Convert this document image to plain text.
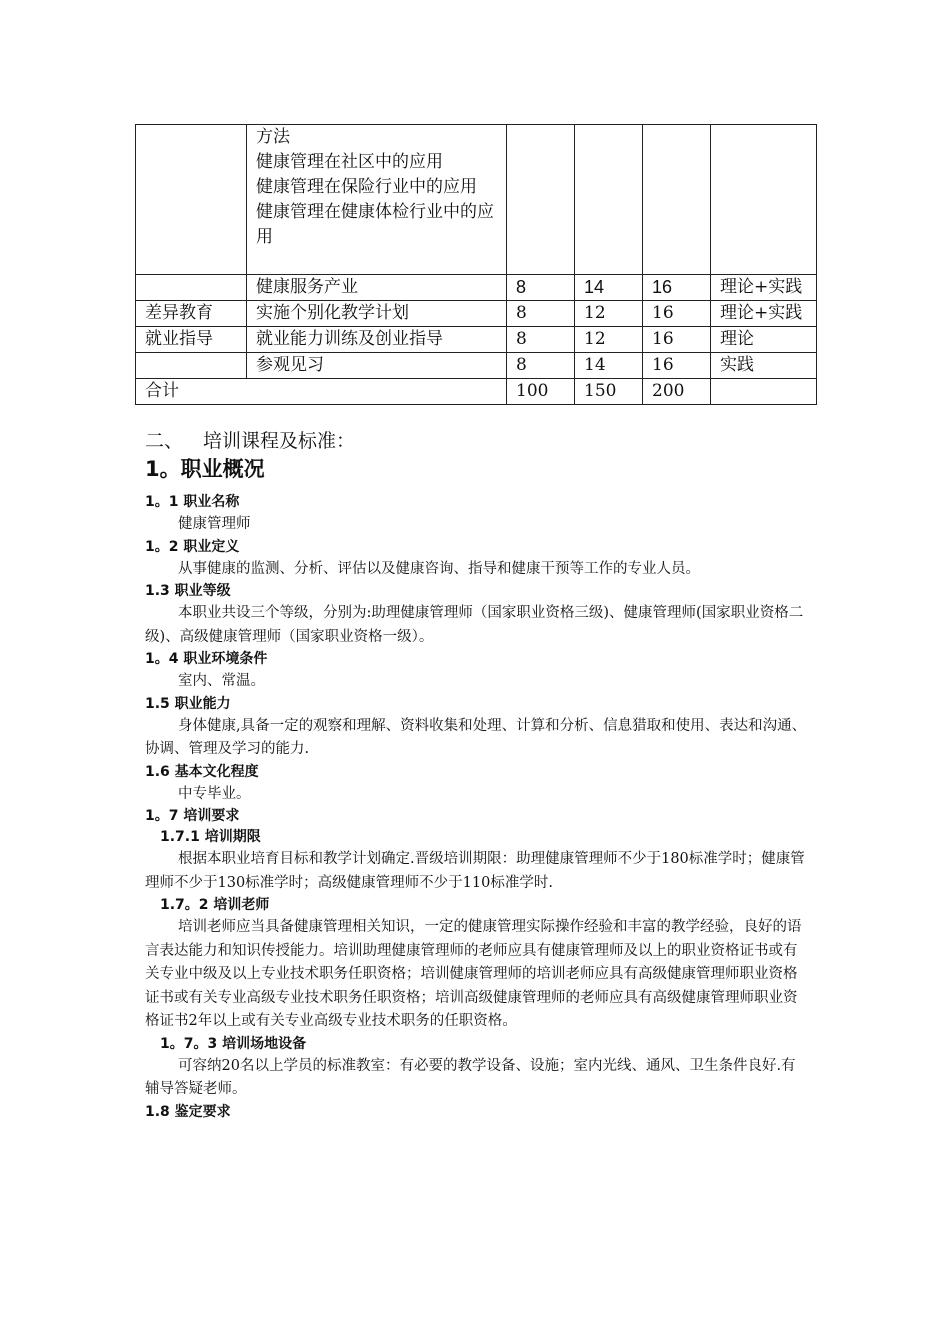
	方法
健康管理在社区中的应用
健康管理在保险行业中的应用
健康管理在健康体检行业中的应用				

	健康服务产业	8	14	16	理论+实践
差异教育	实施个别化教学计划	8	12	16	理论+实践
就业指导	就业能力训练及创业指导	8	12	16	理论
	参观见习	8	14	16	实践
合计		100	150	200	
二、 培训课程及标准：
1。职业概况

1。1 职业名称

健康管理师

1。2 职业定义

从事健康的监测、分析、评估以及健康咨询、指导和健康干预等工作的专业人员。

1.3 职业等级

本职业共设三个等级，分别为:助理健康管理师（国家职业资格三级)、健康管理师(国家职业资格二级)、高级健康管理师（国家职业资格一级）。

1。4 职业环境条件

室内、常温。

1.5 职业能力

身体健康,具备一定的观察和理解、资料收集和处理、计算和分析、信息猎取和使用、表达和沟通、协调、管理及学习的能力.

1.6 基本文化程度

中专毕业。

1。7 培训要求

1.7.1 培训期限

根据本职业培育目标和教学计划确定.晋级培训期限：助理健康管理师不少于180标准学时；健康管理师不少于130标准学时；高级健康管理师不少于110标准学时.

1.7。2 培训老师

培训老师应当具备健康管理相关知识，一定的健康管理实际操作经验和丰富的教学经验，良好的语言表达能力和知识传授能力。培训助理健康管理师的老师应具有健康管理师及以上的职业资格证书或有关专业中级及以上专业技术职务任职资格；培训健康管理师的培训老师应具有高级健康管理师职业资格证书或有关专业高级专业技术职务任职资格；培训高级健康管理师的老师应具有高级健康管理师职业资格证书2年以上或有关专业高级专业技术职务的任职资格。

1。7。3 培训场地设备

可容纳20名以上学员的标准教室：有必要的教学设备、设施；室内光线、通风、卫生条件良好.有辅导答疑老师。

1.8 鉴定要求
